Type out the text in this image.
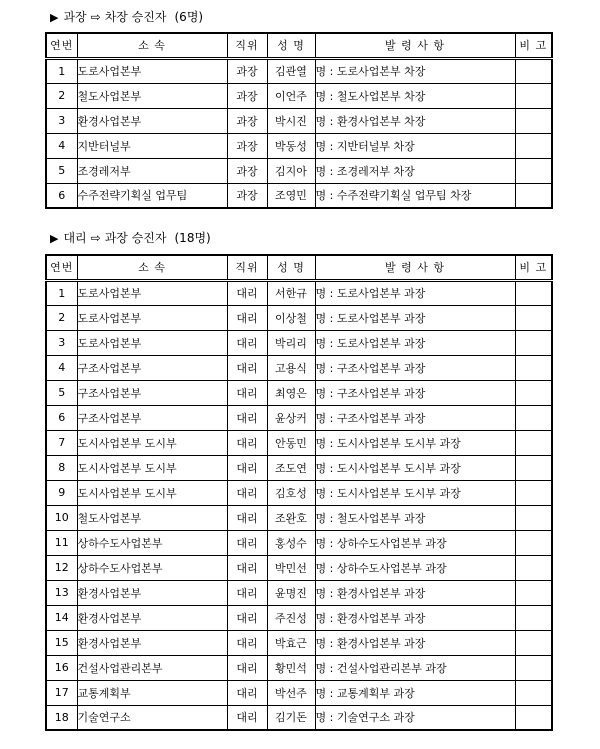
▶ 과장 ⇨ 차장 승진자 (6명)
연번	소 속	직위	성 명	발 령 사 항	비 고
1	도로사업본부	과장	김관열	명 : 도로사업본부 차장	
2	철도사업본부	과장	이언주	명 : 철도사업본부 차장	
3	환경사업본부	과장	박시진	명 : 환경사업본부 차장	
4	지반터널부	과장	박동성	명 : 지반터널부 차장	
5	조경레저부	과장	김지아	명 : 조경레저부 차장	
6	수주전략기획실 업무팀	과장	조영민	명 : 수주전략기획실 업무팀 차장	
▶ 대리 ⇨ 과장 승진자 (18명)
연번	소 속	직위	성 명	발 령 사 항	비 고
1	도로사업본부	대리	서한규	명 : 도로사업본부 과장	
2	도로사업본부	대리	이상철	명 : 도로사업본부 과장	
3	도로사업본부	대리	박리리	명 : 도로사업본부 과장	
4	구조사업본부	대리	고용식	명 : 구조사업본부 과장	
5	구조사업본부	대리	최영은	명 : 구조사업본부 과장	
6	구조사업본부	대리	윤상커	명 : 구조사업본부 과장	
7	도시사업본부 도시부	대리	안동민	명 : 도시사업본부 도시부 과장	
8	도시사업본부 도시부	대리	조도연	명 : 도시사업본부 도시부 과장	
9	도시사업본부 도시부	대리	김호성	명 : 도시사업본부 도시부 과장	
10	철도사업본부	대리	조완호	명 : 철도사업본부 과장	
11	상하수도사업본부	대리	홍성수	명 : 상하수도사업본부 과장	
12	상하수도사업본부	대리	박민선	명 : 상하수도사업본부 과장	
13	환경사업본부	대리	윤명진	명 : 환경사업본부 과장	
14	환경사업본부	대리	주진성	명 : 환경사업본부 과장	
15	환경사업본부	대리	박효근	명 : 환경사업본부 과장	
16	건설사업관리본부	대리	황민석	명 : 건설사업관리본부 과장	
17	교통계획부	대리	박선주	명 : 교통계획부 과장	
18	기술연구소	대리	김기돈	명 : 기술연구소 과장	
